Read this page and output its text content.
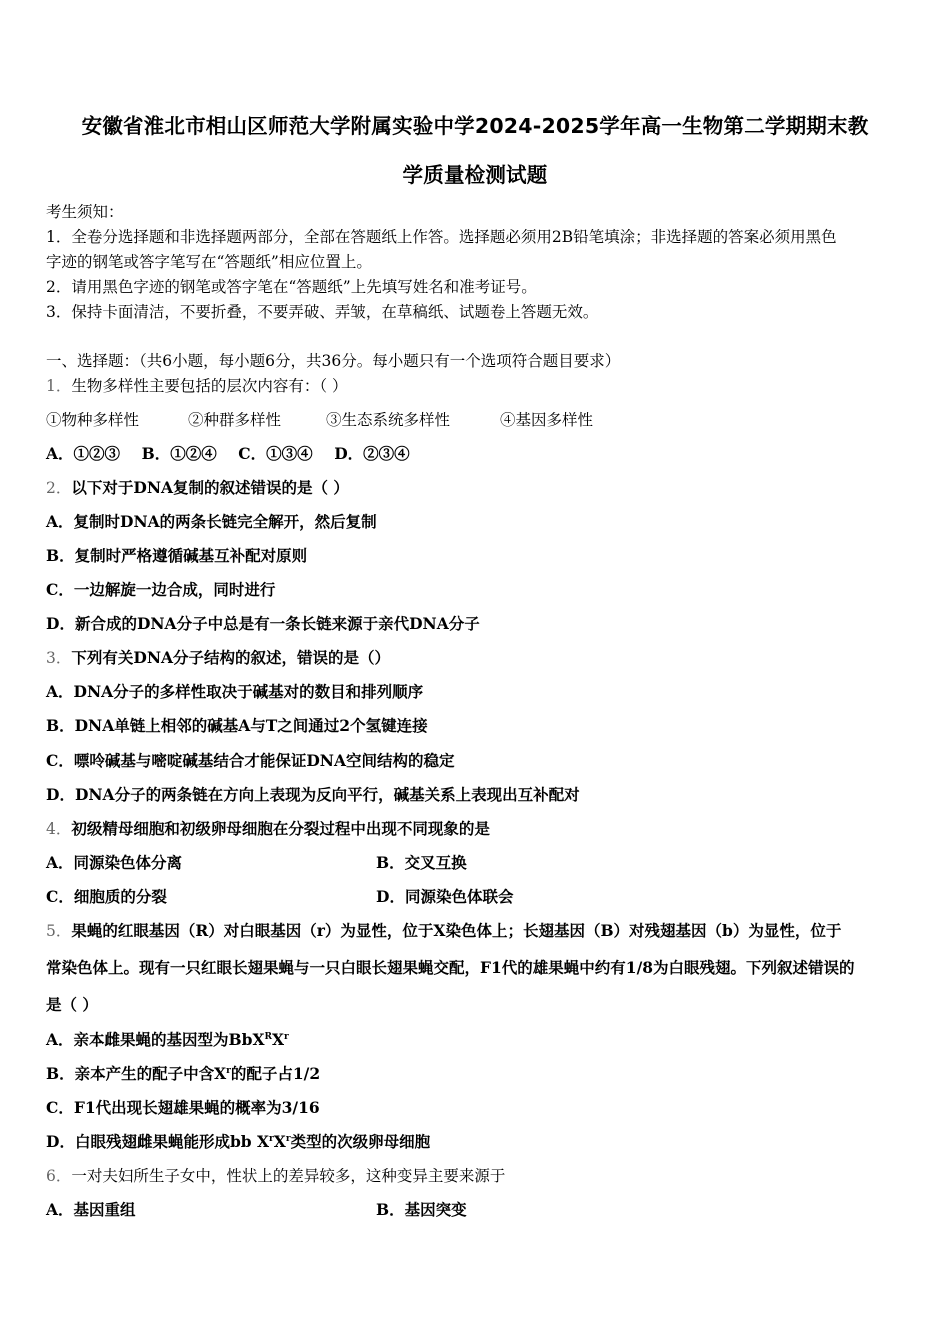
安徽省淮北市相山区师范大学附属实验中学2024-2025学年高一生物第二学期期末教
学质量检测试题
考生须知：
1．全卷分选择题和非选择题两部分，全部在答题纸上作答。选择题必须用2B铅笔填涂；非选择题的答案必须用黑色
字迹的钢笔或答字笔写在“答题纸”相应位置上。
2．请用黑色字迹的钢笔或答字笔在“答题纸”上先填写姓名和准考证号。
3．保持卡面清洁，不要折叠，不要弄破、弄皱，在草稿纸、试题卷上答题无效。
一、选择题：（共6小题，每小题6分，共36分。每小题只有一个选项符合题目要求）
1．生物多样性主要包括的层次内容有：（ ）
①物种多样性	②种群多样性	③生态系统多样性	④基因多样性
A．①②③    B．①②④    C．①③④    D．②③④
2．以下对于DNA复制的叙述错误的是（ ）
A．复制时DNA的两条长链完全解开，然后复制
B．复制时严格遵循碱基互补配对原则
C．一边解旋一边合成，同时进行
D．新合成的DNA分子中总是有一条长链来源于亲代DNA分子
3．下列有关DNA分子结构的叙述，错误的是（）
A．DNA分子的多样性取决于碱基对的数目和排列顺序
B．DNA单链上相邻的碱基A与T之间通过2个氢键连接
C．嘌呤碱基与嘧啶碱基结合才能保证DNA空间结构的稳定
D．DNA分子的两条链在方向上表现为反向平行，碱基关系上表现出互补配对
4．初级精母细胞和初级卵母细胞在分裂过程中出现不同现象的是
A．同源染色体分离	B．交叉互换
C．细胞质的分裂	D．同源染色体联会
5．果蝇的红眼基因（R）对白眼基因（r）为显性，位于X染色体上；长翅基因（B）对残翅基因（b）为显性，位于
常染色体上。现有一只红眼长翅果蝇与一只白眼长翅果蝇交配，F1代的雄果蝇中约有1/8为白眼残翅。下列叙述错误的
是（ ）
A．亲本雌果蝇的基因型为$BbX^RX^r$
B．亲本产生的配子中含$X^r$的配子占1/2
C．F1代出现长翅雄果蝇的概率为3/16
D．白眼残翅雌果蝇能形成bb $X^rX^r$类型的次级卵母细胞
6．一对夫妇所生子女中，性状上的差异较多，这种变异主要来源于
A．基因重组	B．基因突变
